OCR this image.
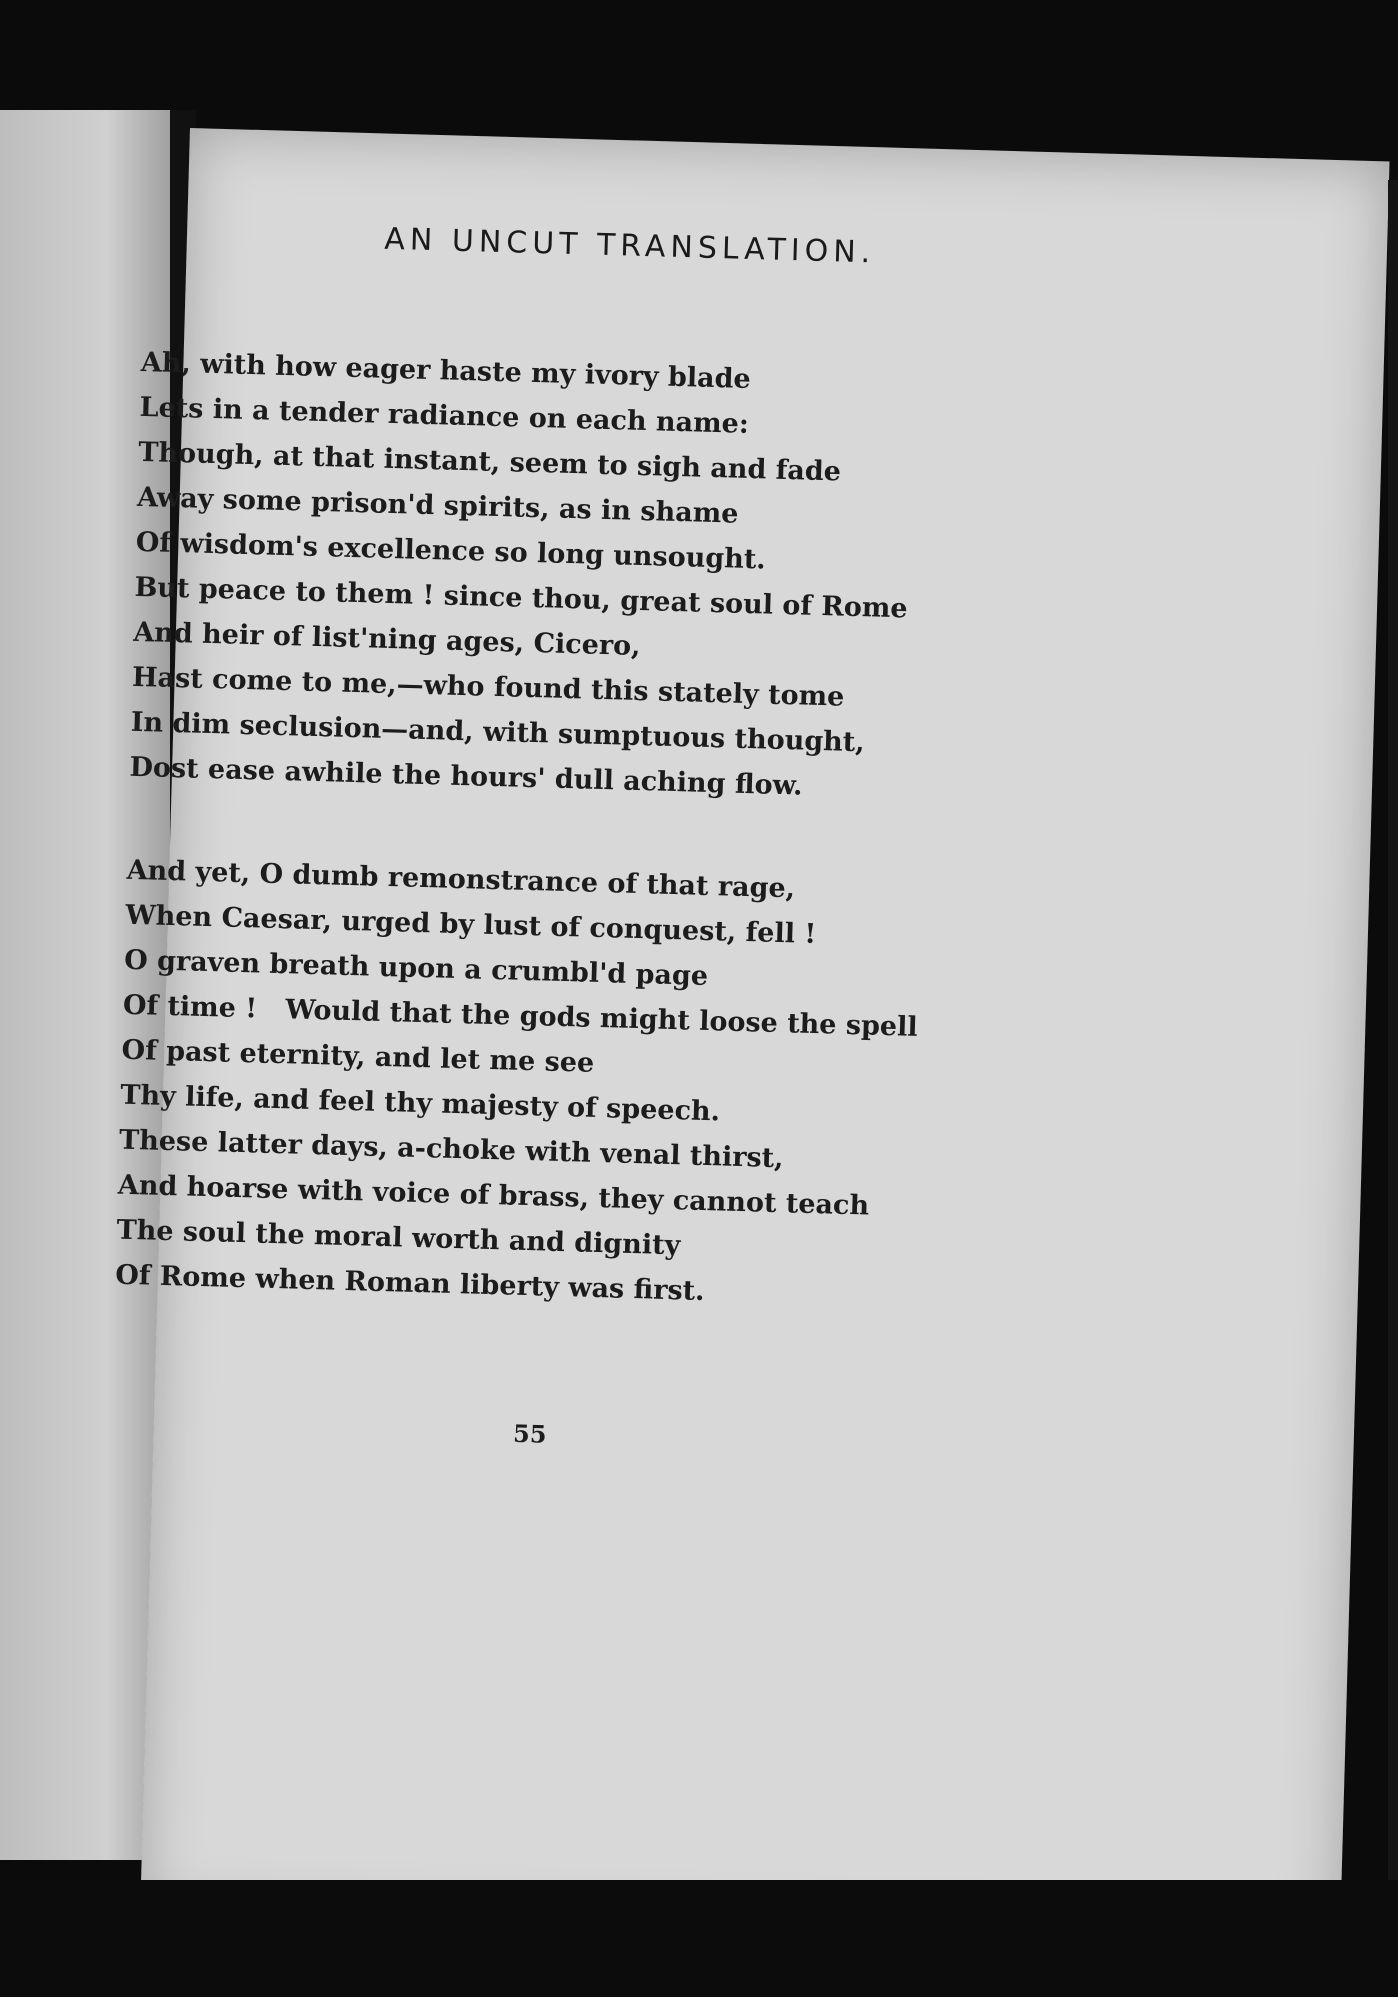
AN UNCUT TRANSLATION.
Ah, with how eager haste my ivory blade
Lets in a tender radiance on each name:
Though, at that instant, seem to sigh and fade
Away some prison'd spirits, as in shame
Of wisdom's excellence so long unsought.
But peace to them ! since thou, great soul of Rome
And heir of list'ning ages, Cicero,
Hast come to me,—who found this stately tome
In dim seclusion—and, with sumptuous thought,
Dost ease awhile the hours' dull aching flow.
And yet, O dumb remonstrance of that rage,
When Caesar, urged by lust of conquest, fell !
O graven breath upon a crumbl'd page
Of time !   Would that the gods might loose the spell
Of past eternity, and let me see
Thy life, and feel thy majesty of speech.
These latter days, a-choke with venal thirst,
And hoarse with voice of brass, they cannot teach
The soul the moral worth and dignity
Of Rome when Roman liberty was first.
55
